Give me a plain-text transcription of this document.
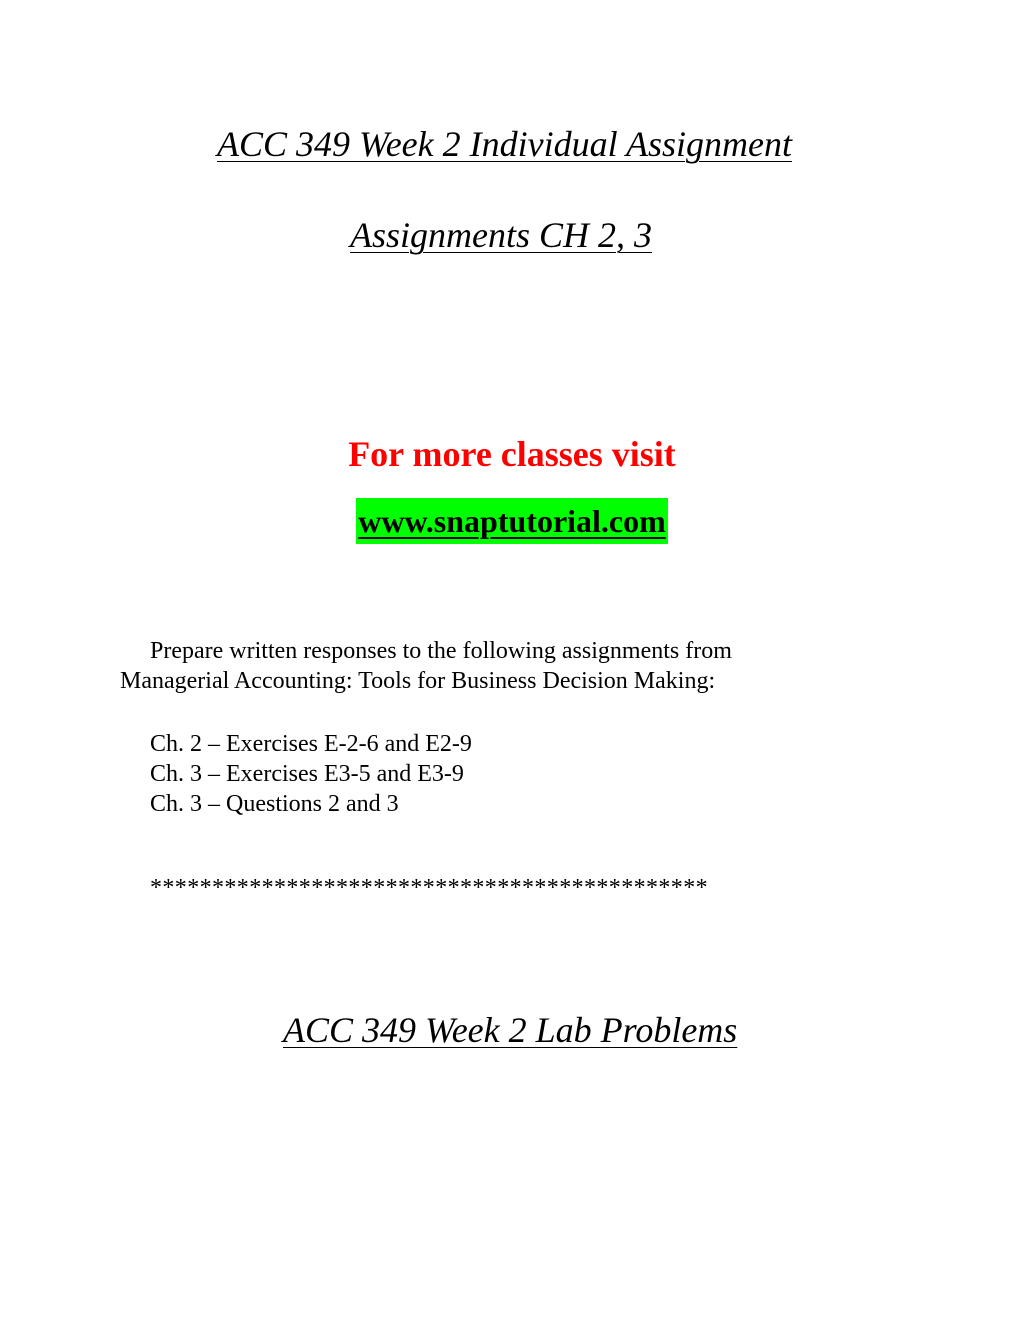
ACC 349 Week 2 Individual Assignment
Assignments CH 2, 3
For more classes visit
www.snaptutorial.com
Prepare written responses to the following assignments from
Managerial Accounting: Tools for Business Decision Making:
Ch. 2 – Exercises E-2-6 and E2-9
Ch. 3 – Exercises E3-5 and E3-9
Ch. 3 – Questions 2 and 3
*********************************************
ACC 349 Week 2 Lab Problems
